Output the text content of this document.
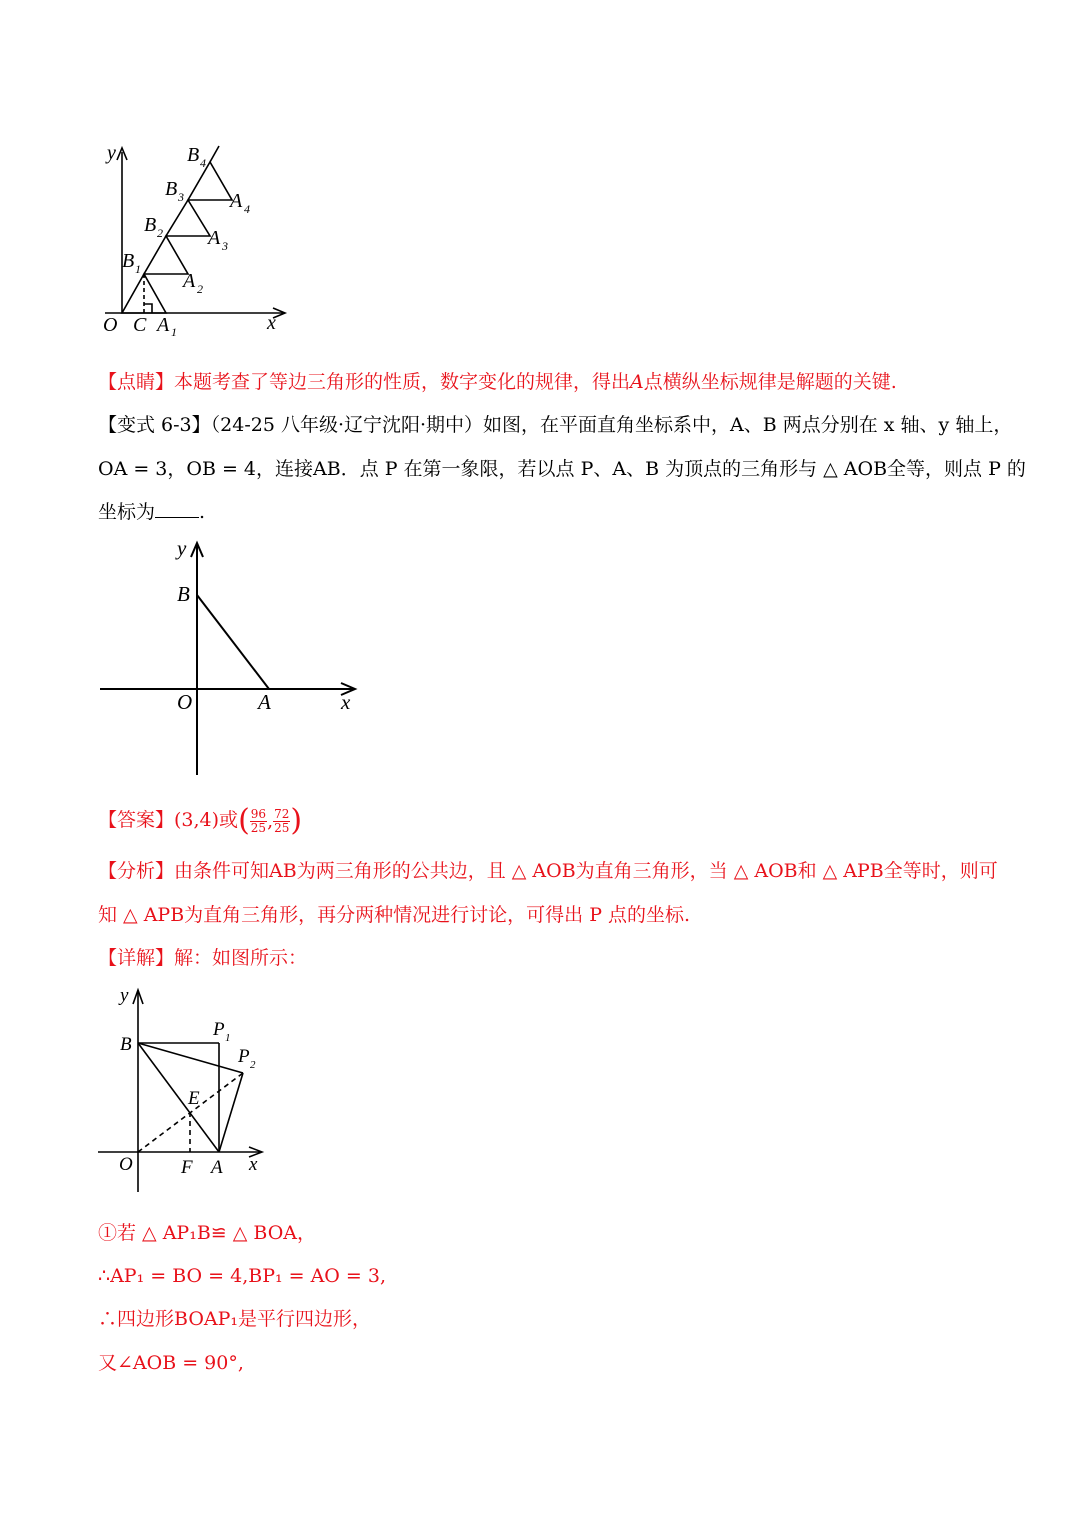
y
x
O C A 1
A 2
A 3
A 4
B 1
B 2
B 3
B 4
【点睛】本题考查了等边三角形的性质，数字变化的规律，得出A点横纵坐标规律是解题的关键.
【变式 6-3】（24-25 八年级·辽宁沈阳·期中）如图，在平面直角坐标系中，A、B 两点分别在 x 轴、y 轴上，
OA = 3，OB = 4，连接AB．点 P 在第一象限，若以点 P、A、B 为顶点的三角形与 △ AOB全等，则点 P 的
坐标为 .
y
B
O	A	x
【答案】(3,4)或( $\frac{96}{25}$ , $\frac{72}{25}$ )
【分析】由条件可知AB为两三角形的公共边，且 △ AOB为直角三角形，当 △ AOB和 △ APB全等时，则可
知 △ APB为直角三角形，再分两种情况进行讨论，可得出 P 点的坐标.
【详解】解：如图所示：
y
B
P 1
P 2
E
O	F A x
①若 △ AP₁B≌ △ BOA，
∴AP₁ = BO = 4,BP₁ = AO = 3,
∴四边形BOAP₁是平行四边形，
又∠AOB = 90°,
